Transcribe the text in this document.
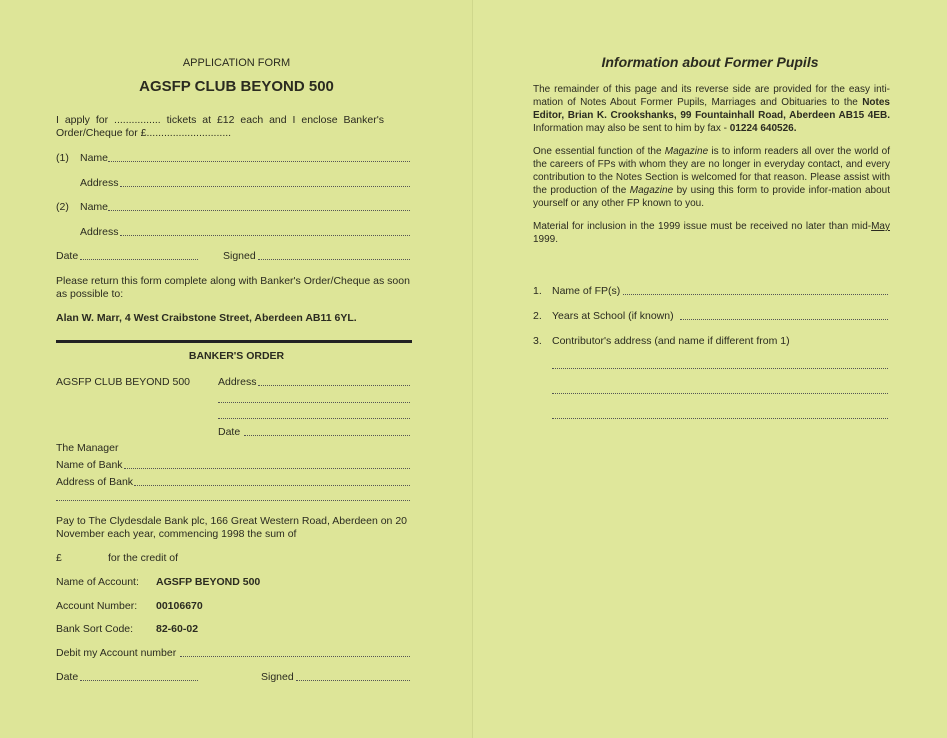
APPLICATION FORM
AGSFP CLUB BEYOND 500
I apply for ................ tickets at £12 each and I enclose Banker's
Order/Cheque for £.............................
(1) Name
Address
(2) Name
Address
Date	Signed
Please return this form complete along with Banker's Order/Cheque as soon
as possible to:
Alan W. Marr, 4 West Craibstone Street, Aberdeen AB11 6YL.
BANKER'S ORDER
AGSFP CLUB BEYOND 500	Address
Date
The Manager
Name of Bank
Address of Bank
Pay to The Clydesdale Bank plc, 166 Great Western Road, Aberdeen on 20
November each year, commencing 1998 the sum of
£	for the credit of
Name of Account: AGSFP BEYOND 500
Account Number: 00106670
Bank Sort Code: 82-60-02
Debit my Account number
Date	Signed
Information about Former Pupils
The remainder of this page and its reverse side are provided for the easy inti-mation of Notes About Former Pupils, Marriages and Obituaries to the Notes Editor, Brian K. Crookshanks, 99 Fountainhall Road, Aberdeen AB15 4EB. Information may also be sent to him by fax - 01224 640526.
One essential function of the Magazine is to inform readers all over the world of the careers of FPs with whom they are no longer in everyday contact, and every contribution to the Notes Section is welcomed for that reason. Please assist with the production of the Magazine by using this form to provide infor-mation about yourself or any other FP known to you.
Material for inclusion in the 1999 issue must be received no later than mid-May 1999.
1. Name of FP(s)
2. Years at School (if known)
3. Contributor's address (and name if different from 1)
